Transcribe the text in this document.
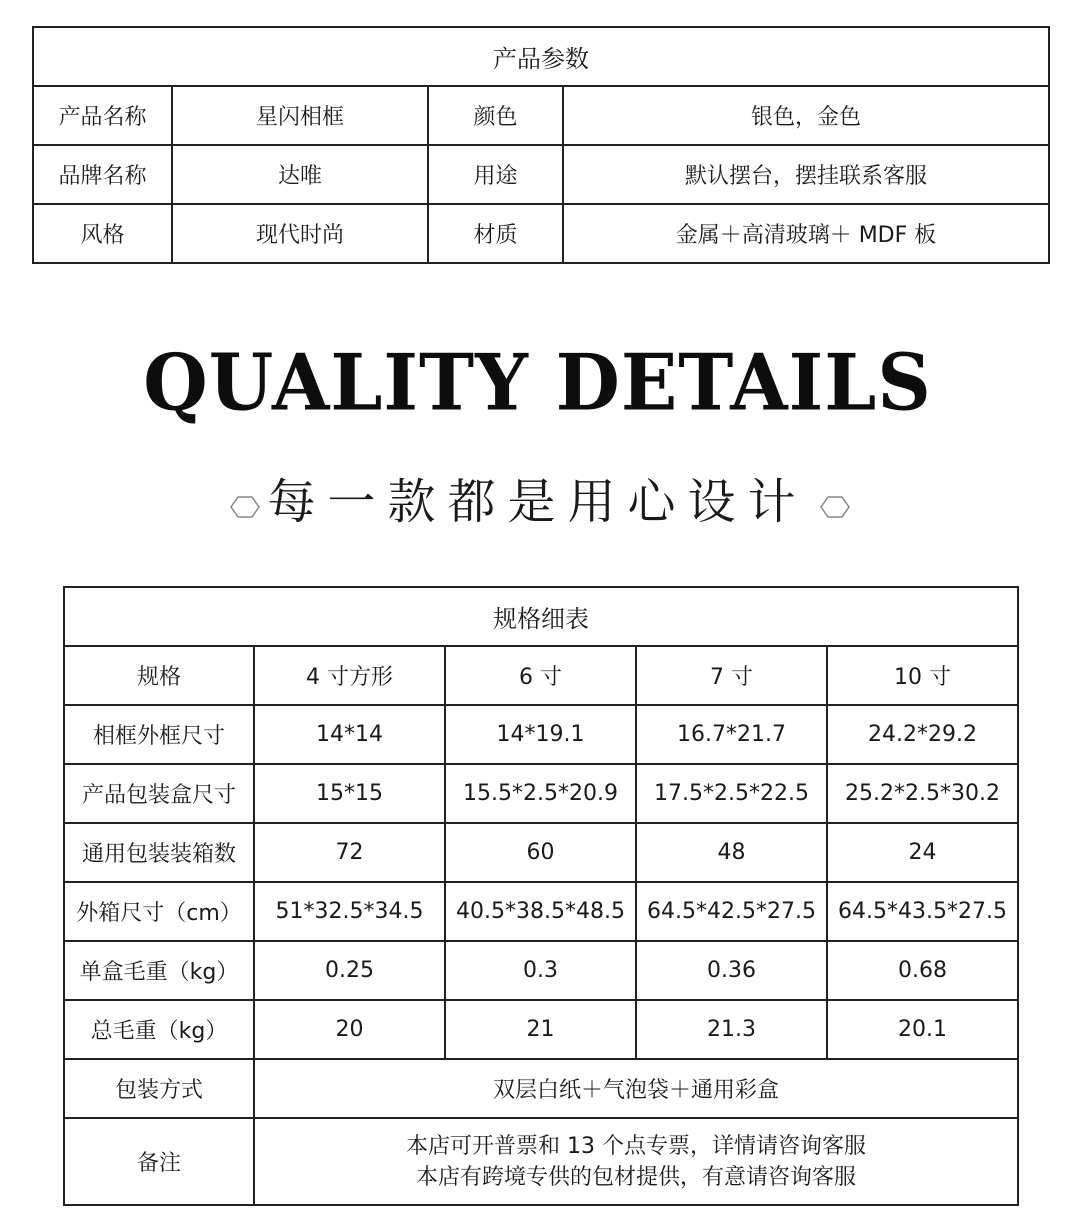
产品参数			
产品名称	星闪相框	颜色	银色，金色
品牌名称	达唯	用途	默认摆台，摆挂联系客服
风格	现代时尚	材质	金属＋高清玻璃＋ MDF 板
QUALITY DETAILS
每一款都是用心设计
规格细表				
规格	4 寸方形	6 寸	7 寸	10 寸
相框外框尺寸	14*14	14*19.1	16.7*21.7	24.2*29.2
产品包装盒尺寸	15*15	15.5*2.5*20.9	17.5*2.5*22.5	25.2*2.5*30.2
通用包装装箱数	72	60	48	24
外箱尺寸（cm）	51*32.5*34.5	40.5*38.5*48.5	64.5*42.5*27.5	64.5*43.5*27.5
单盒毛重（kg）	0.25	0.3	0.36	0.68
总毛重（kg）	20	21	21.3	20.1
包装方式	双层白纸＋气泡袋＋通用彩盒			
备注	本店可开普票和 13 个点专票，详情请咨询客服
本店有跨境专供的包材提供，有意请咨询客服			
